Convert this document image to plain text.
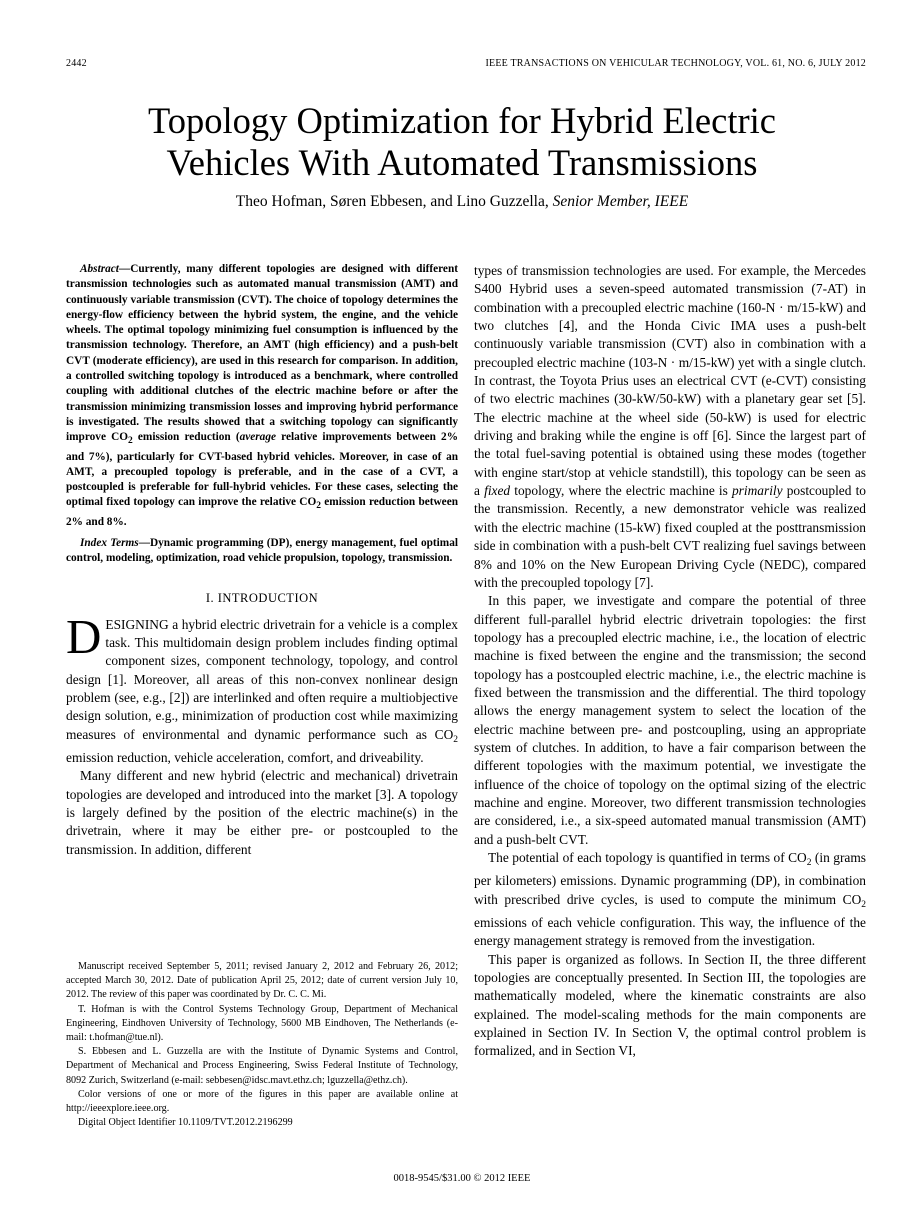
2442	IEEE TRANSACTIONS ON VEHICULAR TECHNOLOGY, VOL. 61, NO. 6, JULY 2012
Topology Optimization for Hybrid Electric
Vehicles With Automated Transmissions
Theo Hofman, Søren Ebbesen, and Lino Guzzella, Senior Member, IEEE

Abstract—Currently, many different topologies are designed with different transmission technologies such as automated manual transmission (AMT) and continuously variable transmission (CVT). The choice of topology determines the energy-flow efficiency between the hybrid system, the engine, and the vehicle wheels. The optimal topology minimizing fuel consumption is influenced by the transmission technology. Therefore, an AMT (high efficiency) and a push-belt CVT (moderate efficiency), are used in this research for comparison. In addition, a controlled switching topology is introduced as a benchmark, where controlled coupling with additional clutches of the electric machine before or after the transmission minimizing transmission losses and improving hybrid performance is investigated. The results showed that a switching topology can significantly improve $CO_2$ emission reduction (average relative improvements between 2% and 7%), particularly for CVT-based hybrid vehicles. Moreover, in case of an AMT, a precoupled topology is preferable, and in the case of a CVT, a postcoupled is preferable for full-hybrid vehicles. For these cases, selecting the optimal fixed topology can improve the relative $CO_2$ emission reduction between 2% and 8%.

Index Terms—Dynamic programming (DP), energy management, fuel optimal control, modeling, optimization, road vehicle propulsion, topology, transmission.

I. INTRODUCTION

DESIGNING a hybrid electric drivetrain for a vehicle is a complex task. This multidomain design problem includes finding optimal component sizes, component technology, topology, and control design [1]. Moreover, all areas of this non-convex nonlinear design problem (see, e.g., [2]) are interlinked and often require a multiobjective design solution, e.g., minimization of production cost while maximizing measures of environmental and dynamic performance such as $CO_2$ emission reduction, vehicle acceleration, comfort, and driveability.

Many different and new hybrid (electric and mechanical) drivetrain topologies are developed and introduced into the market [3]. A topology is largely defined by the position of the electric machine(s) in the drivetrain, where it may be either pre- or postcoupled to the transmission. In addition, different

types of transmission technologies are used. For example, the Mercedes S400 Hybrid uses a seven-speed automated transmission (7-AT) in combination with a precoupled electric machine (160-N · m/15-kW) and two clutches [4], and the Honda Civic IMA uses a push-belt continuously variable transmission (CVT) also in combination with a precoupled electric machine (103-N · m/15-kW) yet with a single clutch. In contrast, the Toyota Prius uses an electrical CVT (e-CVT) consisting of two electric machines (30-kW/50-kW) with a planetary gear set [5]. The electric machine at the wheel side (50-kW) is used for electric driving and braking while the engine is off [6]. Since the largest part of the total fuel-saving potential is obtained using these modes (together with engine start/stop at vehicle standstill), this topology can be seen as a fixed topology, where the electric machine is primarily postcoupled to the transmission. Recently, a new demonstrator vehicle was realized with the electric machine (15-kW) fixed coupled at the posttransmission side in combination with a push-belt CVT realizing fuel savings between 8% and 10% on the New European Driving Cycle (NEDC), compared with the precoupled topology [7].

In this paper, we investigate and compare the potential of three different full-parallel hybrid electric drivetrain topologies: the first topology has a precoupled electric machine, i.e., the location of electric machine is fixed between the engine and the transmission; the second topology has a postcoupled electric machine, i.e., the electric machine is fixed between the transmission and the differential. The third topology allows the energy management system to select the location of the electric machine between pre- and postcoupling, using an appropriate system of clutches. In addition, to have a fair comparison between the different topologies with the maximum potential, we investigate the influence of the choice of topology on the optimal sizing of the electric machine and engine. Moreover, two different transmission technologies are considered, i.e., a six-speed automated manual transmission (AMT) and a push-belt CVT.

The potential of each topology is quantified in terms of $CO_2$ (in grams per kilometers) emissions. Dynamic programming (DP), in combination with prescribed drive cycles, is used to compute the minimum $CO_2$ emissions of each vehicle configuration. This way, the influence of the energy management strategy is removed from the investigation.

This paper is organized as follows. In Section II, the three different topologies are conceptually presented. In Section III, the topologies are mathematically modeled, where the kinematic constraints are also explained. The model-scaling methods for the main components are explained in Section IV. In Section V, the optimal control problem is formalized, and in Section VI,

Manuscript received September 5, 2011; revised January 2, 2012 and February 26, 2012; accepted March 30, 2012. Date of publication April 25, 2012; date of current version July 10, 2012. The review of this paper was coordinated by Dr. C. C. Mi.

T. Hofman is with the Control Systems Technology Group, Department of Mechanical Engineering, Eindhoven University of Technology, 5600 MB Eindhoven, The Netherlands (e-mail: t.hofman@tue.nl).

S. Ebbesen and L. Guzzella are with the Institute of Dynamic Systems and Control, Department of Mechanical and Process Engineering, Swiss Federal Institute of Technology, 8092 Zurich, Switzerland (e-mail: sebbesen@idsc.mavt.ethz.ch; lguzzella@ethz.ch).

Color versions of one or more of the figures in this paper are available online at http://ieeexplore.ieee.org.

Digital Object Identifier 10.1109/TVT.2012.2196299

0018-9545/$31.00 © 2012 IEEE
